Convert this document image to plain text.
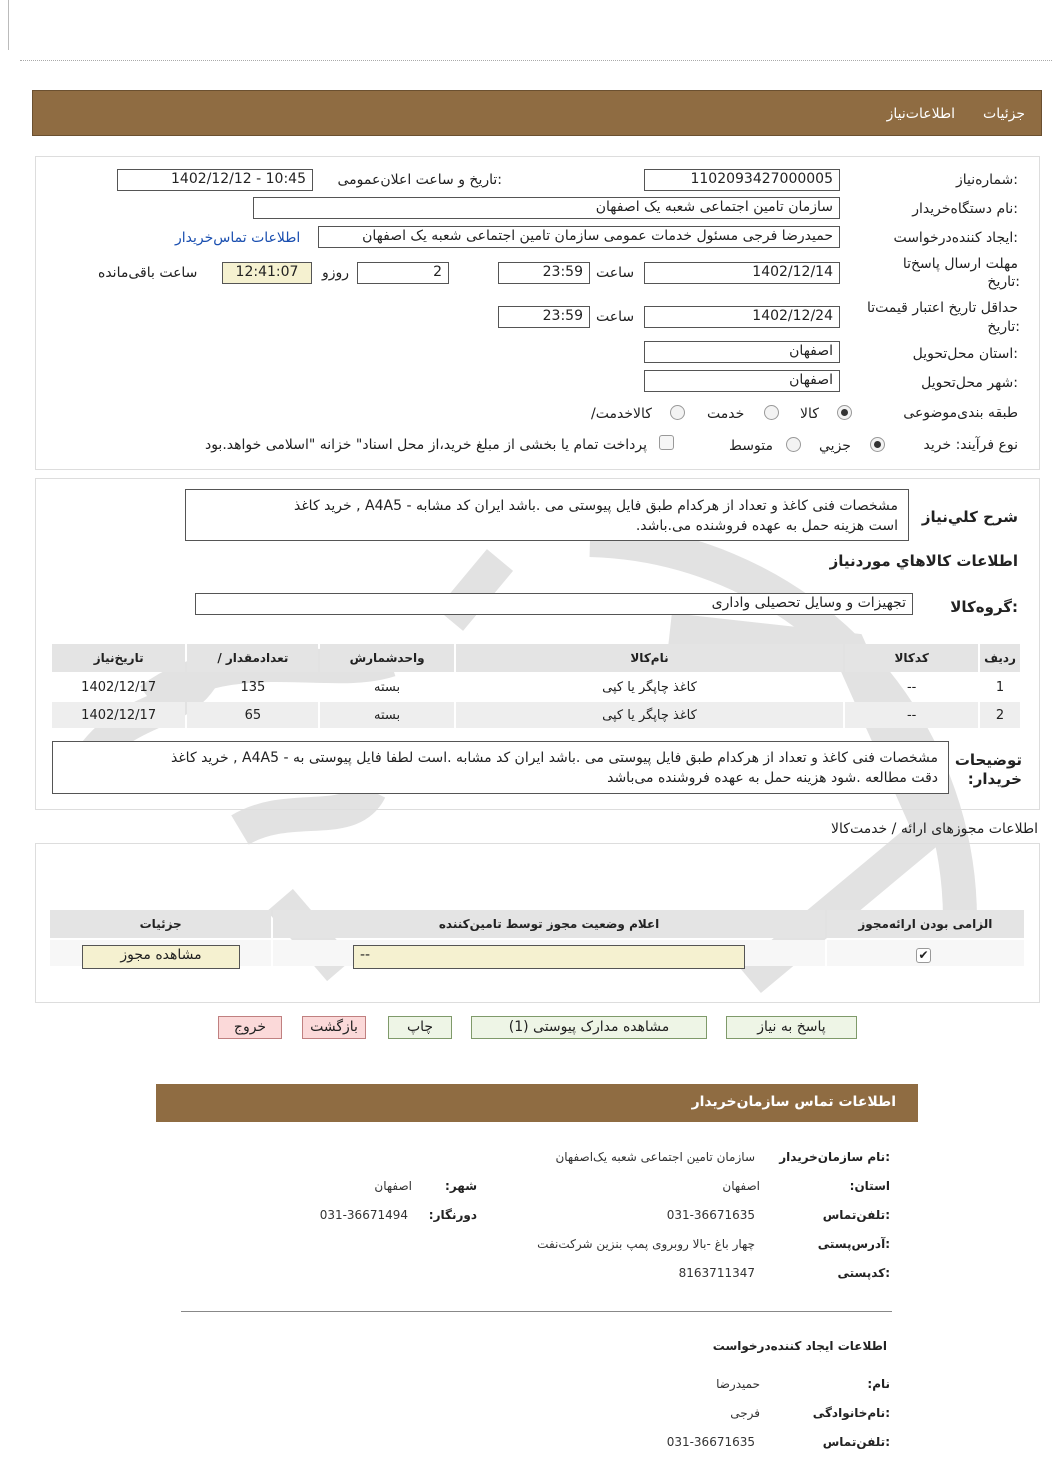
جزئیات
اطلاعات‌نیاز
شماره‌نیاز:
1102093427000005
تاریخ و ساعت اعلان‌عمومی:
1402/12/12 - 10:45
نام دستگاه‌خریدار:
سازمان تامین اجتماعی شعبه یک اصفهان
ایجاد کننده‌درخواست:
حمیدرضا فرجی مسئول خدمات عمومی سازمان تامین اجتماعی شعبه یک اصفهان
اطلاعات تماس‌خریدار
مهلت ارسال پاسخ‌تا
تاریخ:
1402/12/14
ساعت
23:59
2
روزو
12:41:07
ساعت باقی‌مانده
حداقل تاریخ اعتبار قیمت‌تا
تاریخ:
1402/12/24
ساعت
23:59
استان محل‌تحویل:
اصفهان
شهر محل‌تحویل:
اصفهان
طبقه بندی‌موضوعی
کالا
خدمت
/کالاخدمت
نوع فرآیند: خرید
جزیي
متوسط
پرداخت تمام یا بخشی از مبلغ خرید،از محل اسناد" خزانه "اسلامی خواهد.بود
شرح کلي‌نیاز
خرید کاغذ , A4A5 - مشخصات فنی کاغذ و تعداد از هرکدام طبق فایل پیوستی می .باشد ایران کد مشابه
.است هزینه حمل به عهده فروشنده می‌.باشد
اطلاعات کالاهاي موردنیاز
گروه‌کالا:
تجهیزات و وسایل تحصیلی واداری
تاریخ‌نیاز	/ تعدادمقدار	واحدشمارش	نام‌کالا	کدکالا	ردیف
1402/12/17	135	بسته	کاغذ چاپگر یا کپی	--	1
1402/12/17	65	بسته	کاغذ چاپگر یا کپی	--	2
توضیحات
:خریدار
خرید کاغذ , A4A5 - مشخصات فنی کاغذ و تعداد از هرکدام طبق فایل پیوستی می .باشد ایران کد مشابه .است لطفا فایل پیوستی به
دقت مطالعه .شود هزینه حمل به عهده فروشنده می‌باشد
اطلاعات مجوزهای ارائه / خدمت‌کالا
جزئیات	اعلام وضعیت مجوز توسط تامین‌کننده	الزامی بودن ارائه‌مجوز

مشاهده مجوز	--	✔
پاسخ به نیاز
مشاهده مدارک پیوستی (1)
چاپ
بازگشت
خروج
اطلاعات تماس سازمان‌خریدار
نام سازمان‌خریدار:
سازمان تامین اجتماعی شعبه یک‌اصفهان
:استان
اصفهان
:شهر
اصفهان
تلفن‌تماس:
031-36671635
:دورنگار
031-36671494
آدرس‌پستی:
چهار باغ -بالا روبروی پمپ بنزین شرکت‌نفت
کدپستی:
8163711347
اطلاعات ایجاد کننده‌درخواست
:نام
حمیدرضا
نام‌خانوادگی:
فرجی
تلفن‌تماس:
031-36671635
